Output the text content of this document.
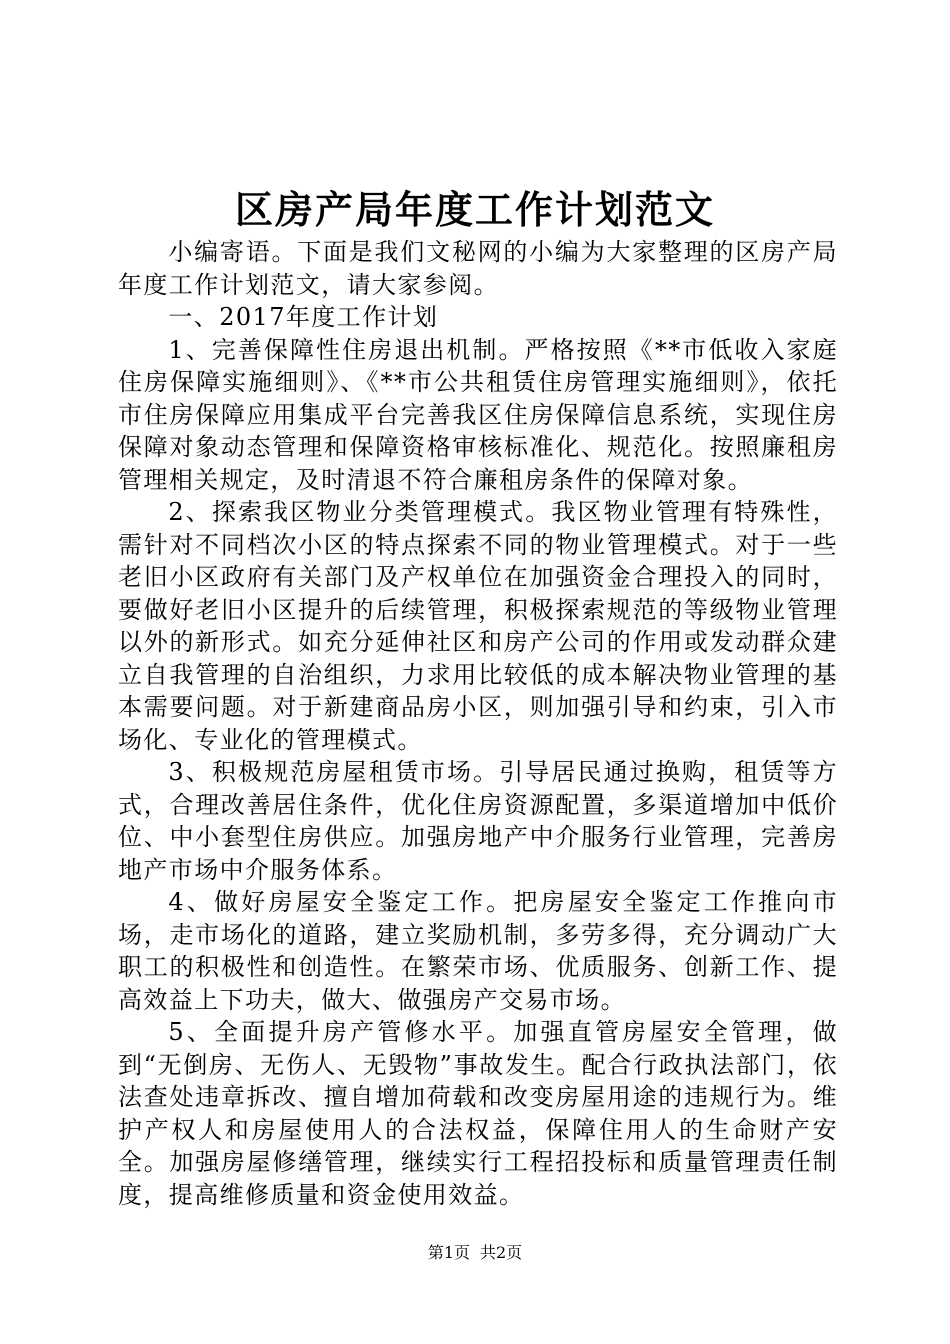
区房产局年度工作计划范文

小编寄语。下面是我们文秘网的小编为大家整理的区房产局年度工作计划范文，请大家参阅。

一、2017年度工作计划

1、完善保障性住房退出机制。严格按照《**市低收入家庭住房保障实施细则》、《**市公共租赁住房管理实施细则》，依托市住房保障应用集成平台完善我区住房保障信息系统，实现住房保障对象动态管理和保障资格审核标准化、规范化。按照廉租房管理相关规定，及时清退不符合廉租房条件的保障对象。

2、探索我区物业分类管理模式。我区物业管理有特殊性，需针对不同档次小区的特点探索不同的物业管理模式。对于一些老旧小区政府有关部门及产权单位在加强资金合理投入的同时，要做好老旧小区提升的后续管理，积极探索规范的等级物业管理以外的新形式。如充分延伸社区和房产公司的作用或发动群众建立自我管理的自治组织，力求用比较低的成本解决物业管理的基本需要问题。对于新建商品房小区，则加强引导和约束，引入市场化、专业化的管理模式。

3、积极规范房屋租赁市场。引导居民通过换购，租赁等方式，合理改善居住条件，优化住房资源配置，多渠道增加中低价位、中小套型住房供应。加强房地产中介服务行业管理，完善房地产市场中介服务体系。

4、做好房屋安全鉴定工作。把房屋安全鉴定工作推向市场，走市场化的道路，建立奖励机制，多劳多得，充分调动广大职工的积极性和创造性。在繁荣市场、优质服务、创新工作、提高效益上下功夫，做大、做强房产交易市场。

5、全面提升房产管修水平。加强直管房屋安全管理，做到“无倒房、无伤人、无毁物”事故发生。配合行政执法部门，依法查处违章拆改、擅自增加荷载和改变房屋用途的违规行为。维护产权人和房屋使用人的合法权益，保障住用人的生命财产安全。加强房屋修缮管理，继续实行工程招投标和质量管理责任制度，提高维修质量和资金使用效益。

第1页 共2页
